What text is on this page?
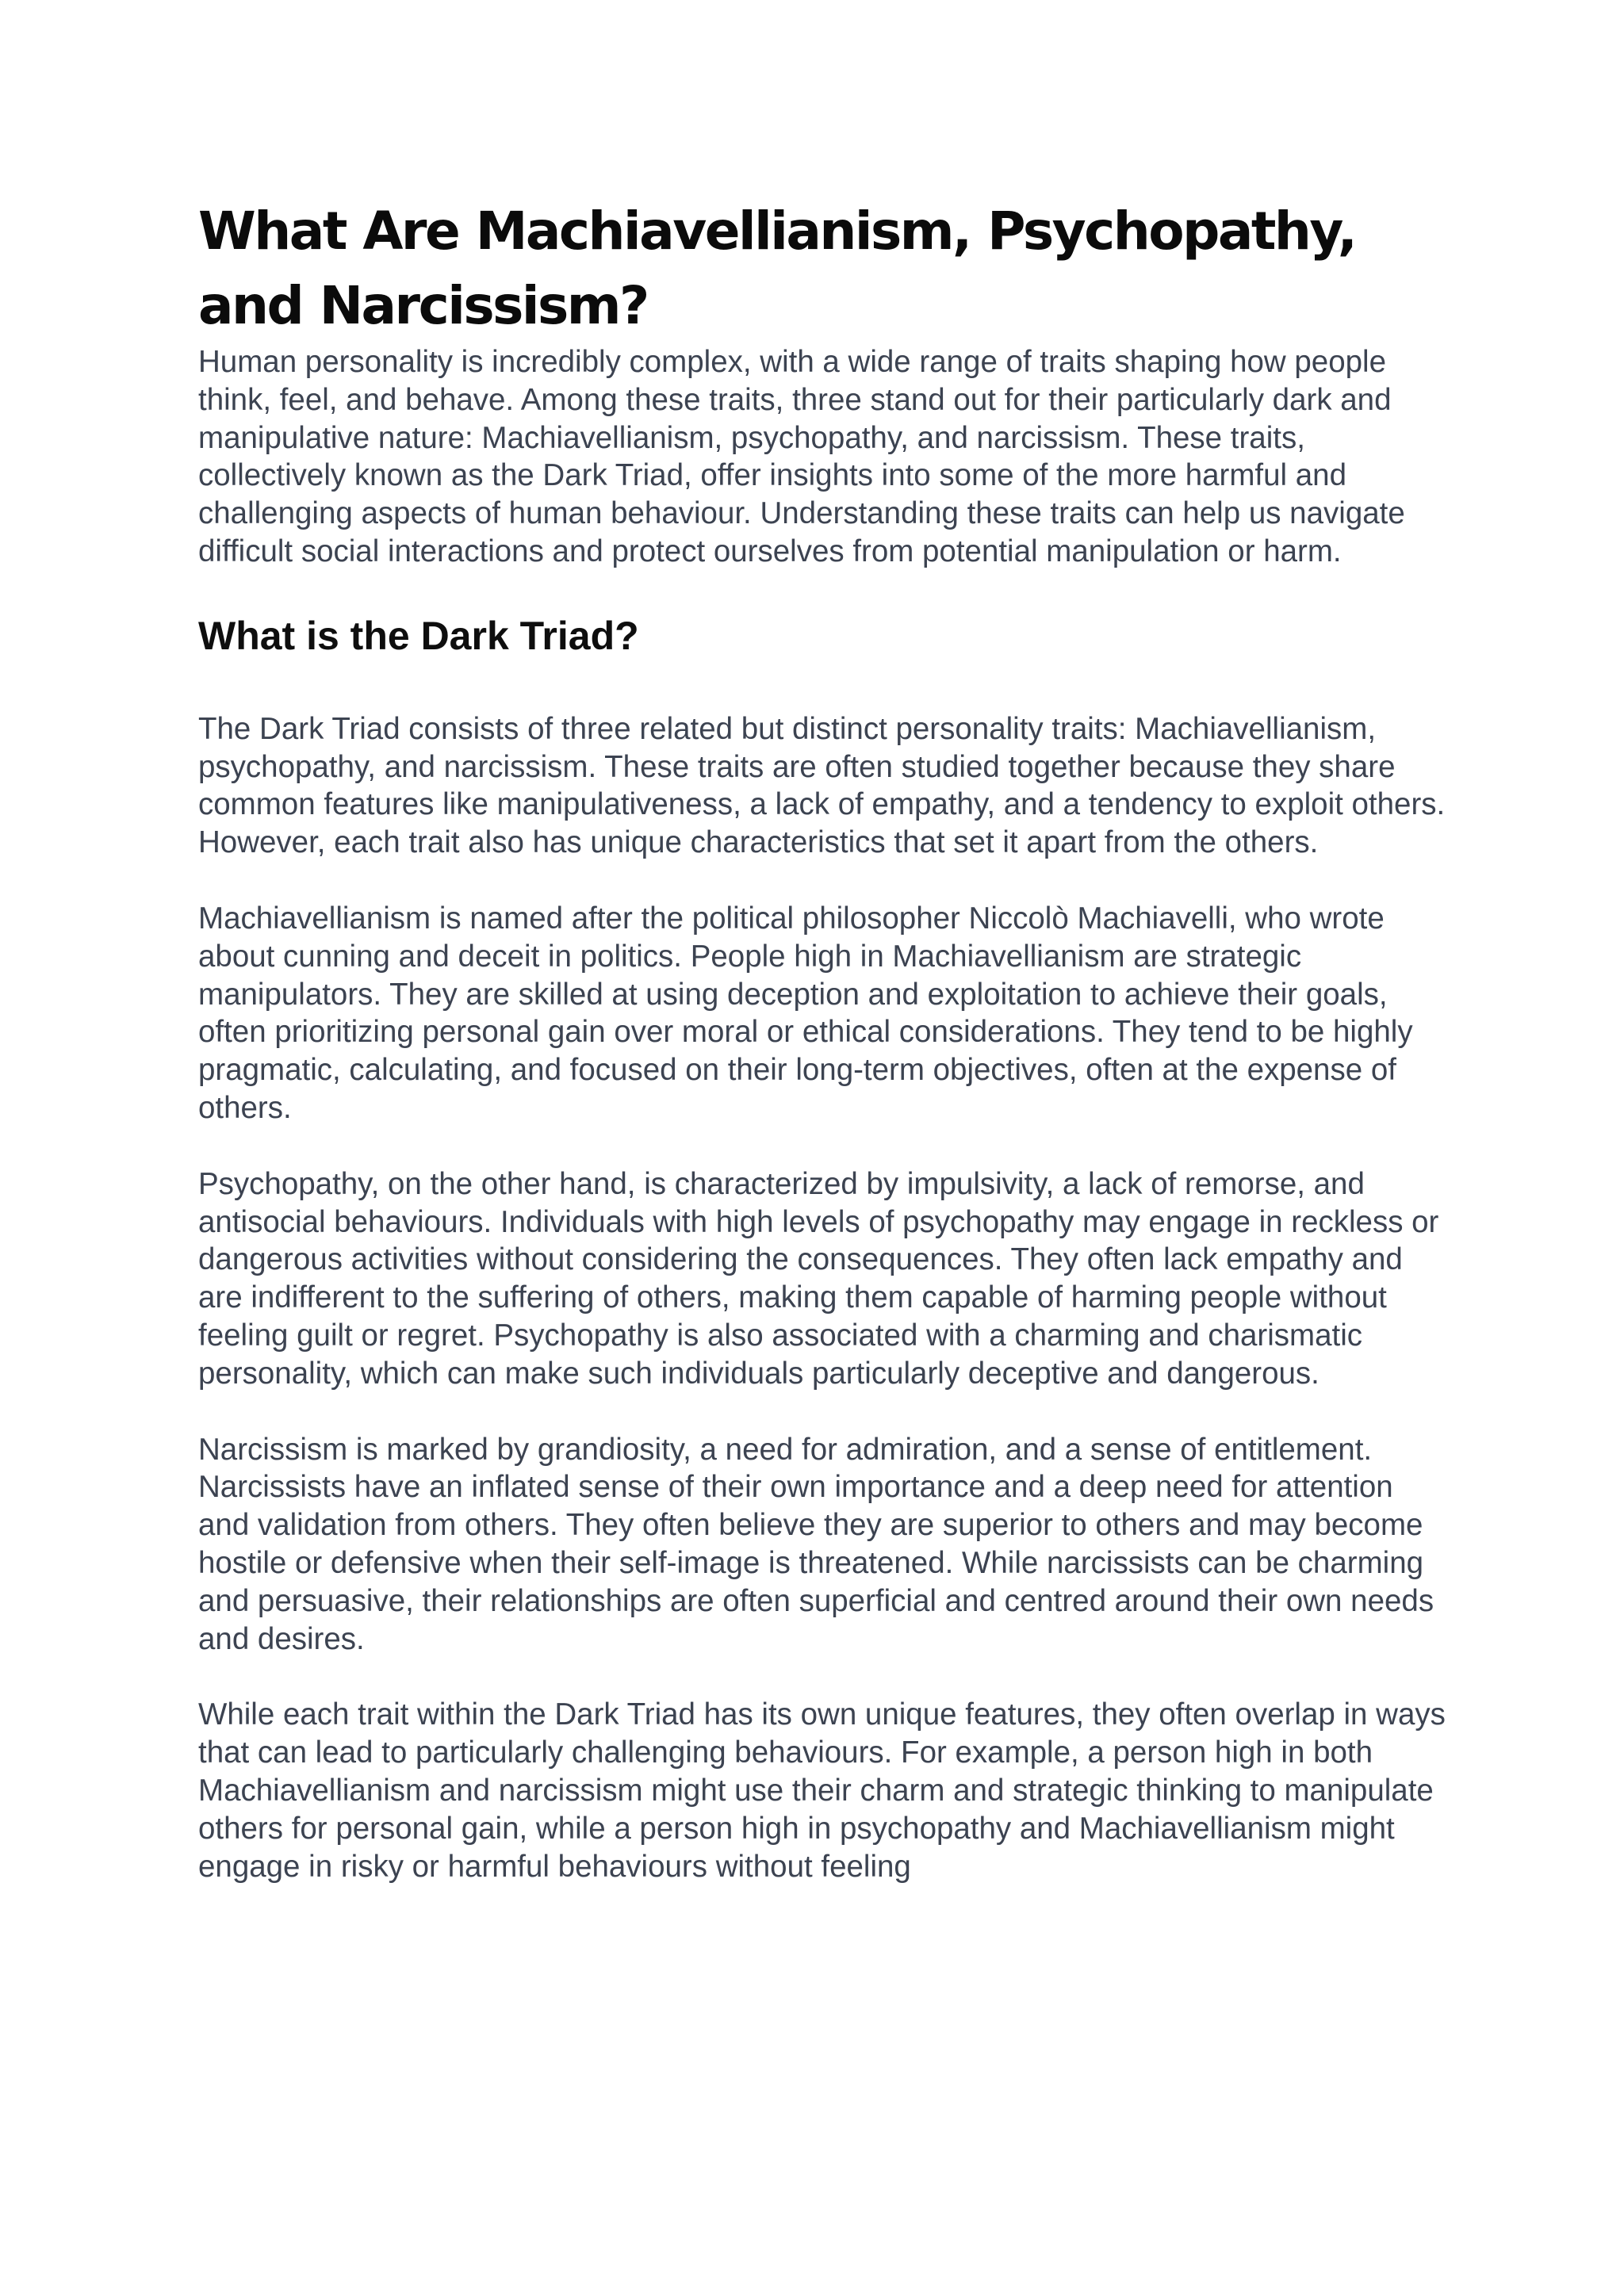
What Are Machiavellianism, Psychopathy, and Narcissism?

Human personality is incredibly complex, with a wide range of traits shaping how people think, feel, and behave. Among these traits, three stand out for their particularly dark and manipulative nature: Machiavellianism, psychopathy, and narcissism. These traits, collectively known as the Dark Triad, offer insights into some of the more harmful and challenging aspects of human behaviour. Understanding these traits can help us navigate difficult social interactions and protect ourselves from potential manipulation or harm.

What is the Dark Triad?

The Dark Triad consists of three related but distinct personality traits: Machiavellianism, psychopathy, and narcissism. These traits are often studied together because they share common features like manipulativeness, a lack of empathy, and a tendency to exploit others. However, each trait also has unique characteristics that set it apart from the others.

Machiavellianism is named after the political philosopher Niccolò Machiavelli, who wrote about cunning and deceit in politics. People high in Machiavellianism are strategic manipulators. They are skilled at using deception and exploitation to achieve their goals, often prioritizing personal gain over moral or ethical considerations. They tend to be highly pragmatic, calculating, and focused on their long-term objectives, often at the expense of others.

Psychopathy, on the other hand, is characterized by impulsivity, a lack of remorse, and antisocial behaviours. Individuals with high levels of psychopathy may engage in reckless or dangerous activities without considering the consequences. They often lack empathy and are indifferent to the suffering of others, making them capable of harming people without feeling guilt or regret. Psychopathy is also associated with a charming and charismatic personality, which can make such individuals particularly deceptive and dangerous.

Narcissism is marked by grandiosity, a need for admiration, and a sense of entitlement. Narcissists have an inflated sense of their own importance and a deep need for attention and validation from others. They often believe they are superior to others and may become hostile or defensive when their self-image is threatened. While narcissists can be charming and persuasive, their relationships are often superficial and centred around their own needs and desires.

While each trait within the Dark Triad has its own unique features, they often overlap in ways that can lead to particularly challenging behaviours. For example, a person high in both Machiavellianism and narcissism might use their charm and strategic thinking to manipulate others for personal gain, while a person high in psychopathy and Machiavellianism might engage in risky or harmful behaviours without feeling
